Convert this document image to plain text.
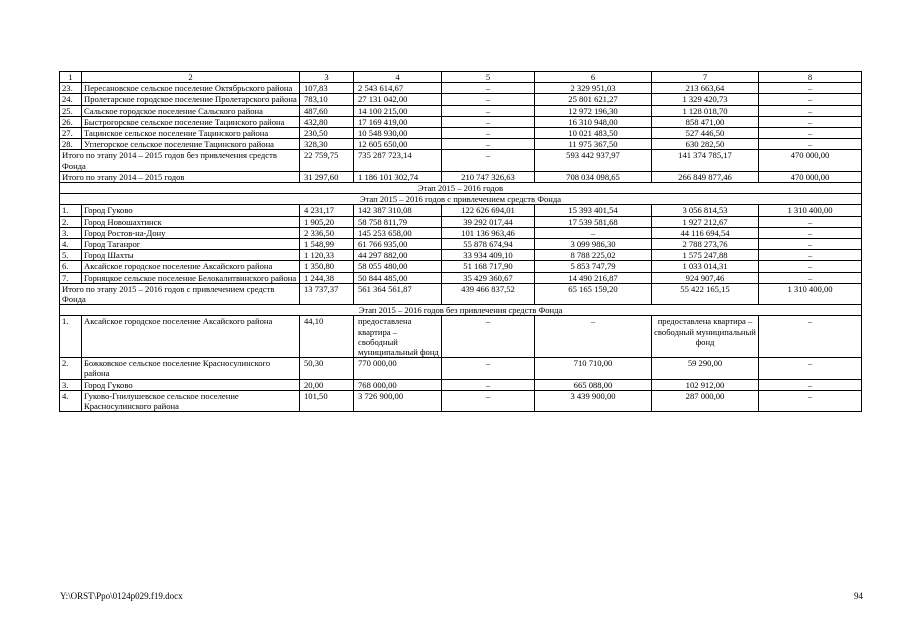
1	2	3	4	5	6	7	8
23.	Пересановское сельское поселение Октябрьского района	107,83	2 543 614,67	–	2 329 951,03	213 663,64	–
24.	Пролетарское городское поселение Пролетарского района	783,10	27 131 042,00	–	25 801 621,27	1 329 420,73	–
25.	Сальское городское поселение Сальского района	487,60	14 100 215,00	–	12 972 196,30	1 128 018,70	–
26.	Быстрогорское сельское поселение Тацинского района	432,80	17 169 419,00	–	16 310 948,00	858 471,00	–
27.	Тацинское сельское поселение Тацинского района	230,50	10 548 930,00	–	10 021 483,50	527 446,50	–
28.	Углегорское сельское поселение Тацинского района	328,30	12 605 650,00	–	11 975 367,50	630 282,50	–
Итого по этапу 2014 – 2015 годов без привлечения средств Фонда		22 759,75	735 287 723,14	–	593 442 937,97	141 374 785,17	470 000,00
Итого по этапу 2014 – 2015 годов		31 297,60	1 186 101 302,74	210 747 326,63	708 034 098,65	266 849 877,46	470 000,00
Этап 2015 – 2016 годов							
Этап 2015 – 2016 годов с привлечением средств Фонда							
1.	Город Гуково	4 231,17	142 387 310,08	122 626 694,01	15 393 401,54	3 056 814,53	1 310 400,00
2.	Город Новошахтинск	1 905,20	58 758 811,79	39 292 017,44	17 539 581,68	1 927 212,67	–
3.	Город Ростов-на-Дону	2 336,50	145 253 658,00	101 136 963,46	–	44 116 694,54	–
4.	Город Таганрог	1 548,99	61 766 935,00	55 878 674,94	3 099 986,30	2 788 273,76	–
5.	Город Шахты	1 120,33	44 297 882,00	33 934 409,10	8 788 225,02	1 575 247,88	–
6.	Аксайское городское поселение Аксайского района	1 350,80	58 055 480,00	51 168 717,90	5 853 747,79	1 033 014,31	–
7.	Горняцкое сельское поселение Белокалитвинского района	1 244,38	50 844 485,00	35 429 360,67	14 490 216,87	924 907,46	–
Итого по этапу 2015 – 2016 годов с привлечением средств Фонда		13 737,37	561 364 561,87	439 466 837,52	65 165 159,20	55 422 165,15	1 310 400,00
Этап 2015 – 2016 годов без привлечения средств Фонда							
1.	Аксайское городское поселение Аксайского района	44,10	предоставлена квартира – свободный муниципальный фонд	–	–	предоставлена квартира – свободный муниципальный фонд	–
2.	Божковское сельское поселение Красносулинского района	50,30	770 000,00	–	710 710,00	59 290,00	–
3.	Город Гуково	20,00	768 000,00	–	665 088,00	102 912,00	–
4.	Гуково-Гнилушевское сельское поселение Красносулинского района	101,50	3 726 900,00	–	3 439 900,00	287 000,00	–
Y:\ORST\Ppo\0124p029.f19.docx	94
